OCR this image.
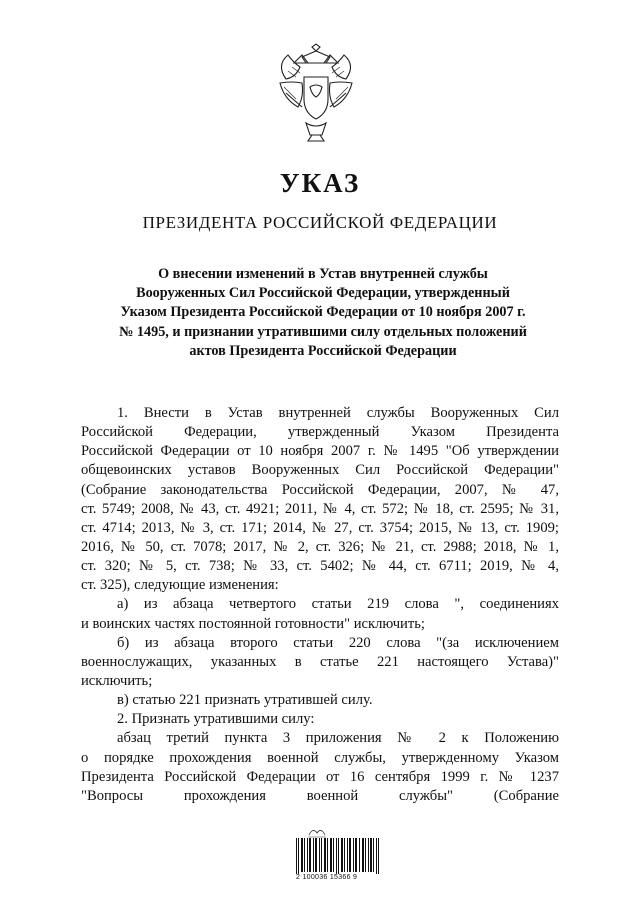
УКАЗ
ПРЕЗИДЕНТА РОССИЙСКОЙ ФЕДЕРАЦИИ
О внесении изменений в Устав внутренней службы
Вооруженных Сил Российской Федерации, утвержденный
Указом Президента Российской Федерации от 10 ноября 2007 г.
№ 1495, и признании утратившими силу отдельных положений
актов Президента Российской Федерации
1. Внести в Устав внутренней службы Вооруженных Сил
Российской Федерации, утвержденный Указом Президента
Российской Федерации от 10 ноября 2007 г. № 1495 "Об утверждении
общевоинских уставов Вооруженных Сил Российской Федерации"
(Собрание законодательства Российской Федерации, 2007, № 47,
ст. 5749; 2008, № 43, ст. 4921; 2011, № 4, ст. 572; № 18, ст. 2595; № 31,
ст. 4714; 2013, № 3, ст. 171; 2014, № 27, ст. 3754; 2015, № 13, ст. 1909;
2016, № 50, ст. 7078; 2017, № 2, ст. 326; № 21, ст. 2988; 2018, № 1,
ст. 320; № 5, ст. 738; № 33, ст. 5402; № 44, ст. 6711; 2019, № 4,
ст. 325), следующие изменения:
а) из абзаца четвертого статьи 219 слова ", соединениях
и воинских частях постоянной готовности" исключить;
б) из абзаца второго статьи 220 слова "(за исключением
военнослужащих, указанных в статье 221 настоящего Устава)"
исключить;
в) статью 221 признать утратившей силу.
2. Признать утратившими силу:
абзац третий пункта 3 приложения № 2 к Положению
о порядке прохождения военной службы, утвержденному Указом
Президента Российской Федерации от 16 сентября 1999 г. № 1237
"Вопросы прохождения военной службы" (Собрание
2 100036 15366 9
